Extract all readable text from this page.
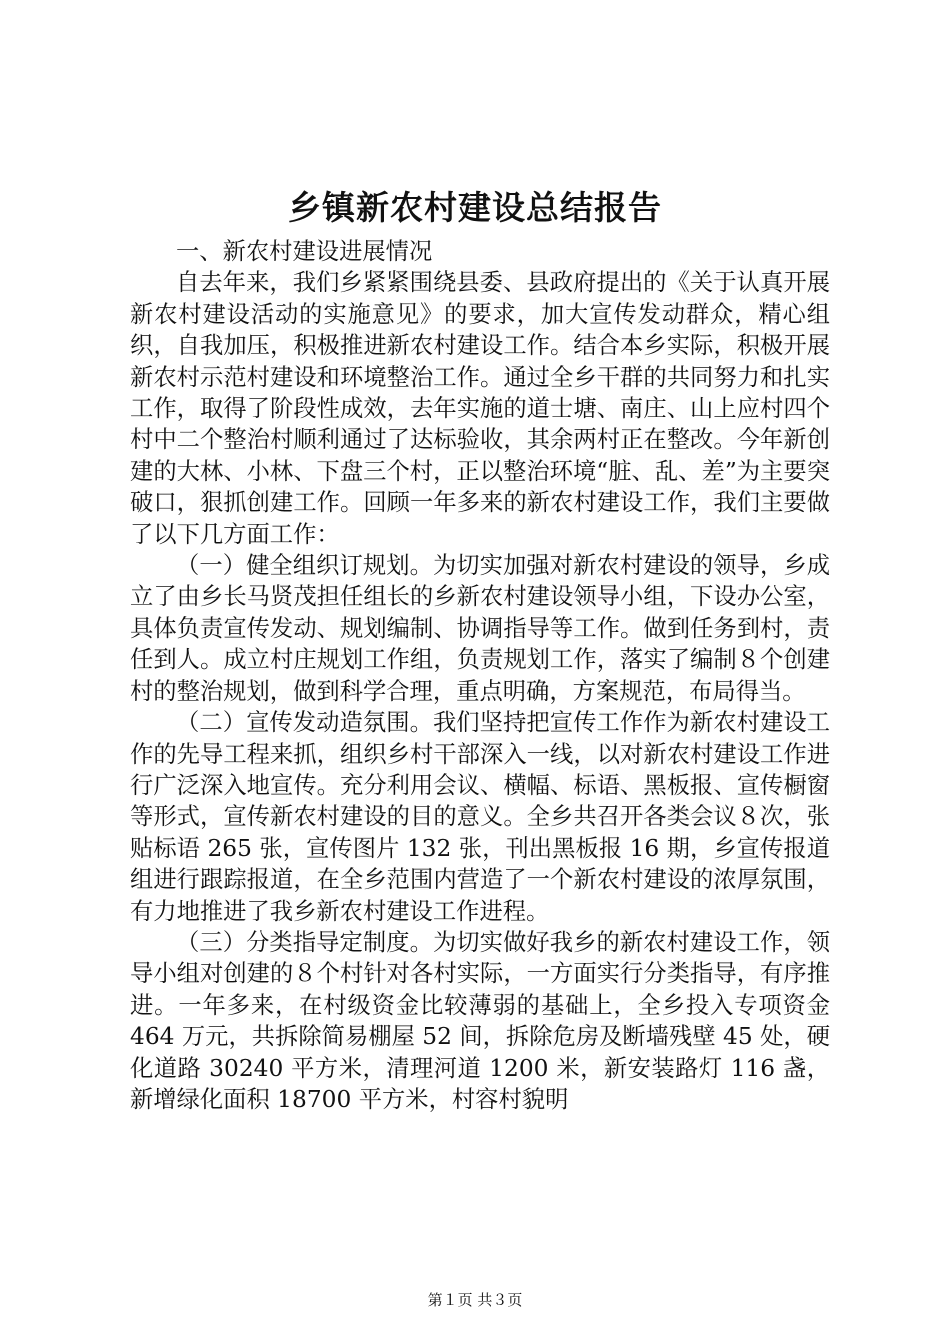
乡镇新农村建设总结报告

一、新农村建设进展情况

自去年来，我们乡紧紧围绕县委、县政府提出的《关于认真开展新农村建设活动的实施意见》的要求，加大宣传发动群众，精心组织，自我加压，积极推进新农村建设工作。结合本乡实际，积极开展新农村示范村建设和环境整治工作。通过全乡干群的共同努力和扎实工作，取得了阶段性成效，去年实施的道士塘、南庄、山上应村四个村中二个整治村顺利通过了达标验收，其余两村正在整改。今年新创建的大林、小林、下盘三个村，正以整治环境“脏、乱、差”为主要突破口，狠抓创建工作。回顾一年多来的新农村建设工作，我们主要做了以下几方面工作：

（一）健全组织订规划。为切实加强对新农村建设的领导，乡成立了由乡长马贤茂担任组长的乡新农村建设领导小组，下设办公室，具体负责宣传发动、规划编制、协调指导等工作。做到任务到村，责任到人。成立村庄规划工作组，负责规划工作，落实了编制８个创建村的整治规划，做到科学合理，重点明确，方案规范，布局得当。

（二）宣传发动造氛围。我们坚持把宣传工作作为新农村建设工作的先导工程来抓，组织乡村干部深入一线，以对新农村建设工作进行广泛深入地宣传。充分利用会议、横幅、标语、黑板报、宣传橱窗等形式，宣传新农村建设的目的意义。全乡共召开各类会议８次，张贴标语 265 张，宣传图片 132 张，刊出黑板报 16 期，乡宣传报道组进行跟踪报道，在全乡范围内营造了一个新农村建设的浓厚氛围，有力地推进了我乡新农村建设工作进程。

（三）分类指导定制度。为切实做好我乡的新农村建设工作，领导小组对创建的８个村针对各村实际，一方面实行分类指导，有序推进。一年多来，在村级资金比较薄弱的基础上，全乡投入专项资金 464 万元，共拆除简易棚屋 52 间，拆除危房及断墙残壁 45 处，硬化道路 30240 平方米，清理河道 1200 米，新安装路灯 116 盏，新增绿化面积 18700 平方米，村容村貌明

第１页 共３页
